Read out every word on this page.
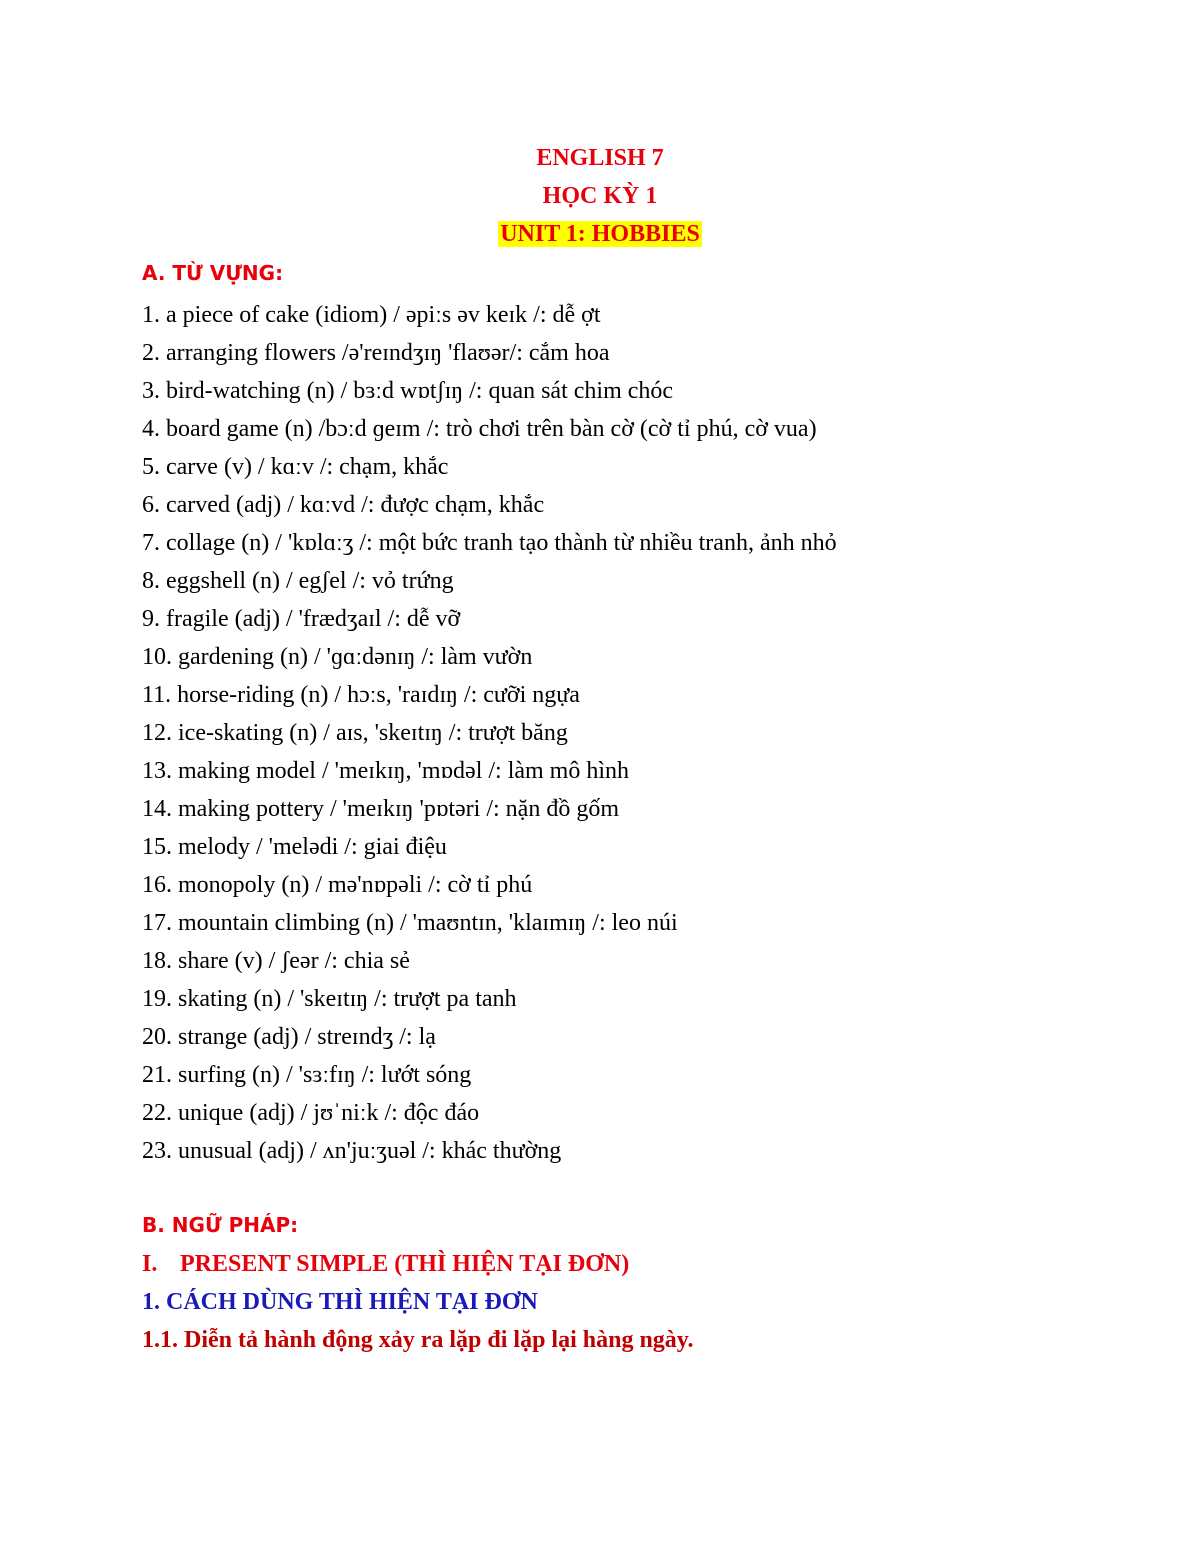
ENGLISH 7
HỌC KỲ 1
UNIT 1: HOBBIES
A. TỪ VỰNG:
1. a piece of cake (idiom) / əpiːs əv keɪk /: dễ ợt
2. arranging flowers /ə'reɪndʒɪŋ 'flaʊər/: cắm hoa
3. bird-watching (n) / bɜːd wɒtʃɪŋ /: quan sát chim chóc
4. board game (n) /bɔːd ɡeɪm /: trò chơi trên bàn cờ (cờ tỉ phú, cờ vua)
5. carve (v) / kɑːv /: chạm, khắc
6. carved (adj) / kɑːvd /: được chạm, khắc
7. collage (n) / 'kɒlɑːʒ /: một bức tranh tạo thành từ nhiều tranh, ảnh nhỏ
8. eggshell (n) / egʃel /: vỏ trứng
9. fragile (adj) / 'frædʒaɪl /: dễ vỡ
10. gardening (n) / 'ɡɑːdənɪŋ /: làm vườn
11. horse-riding (n) / hɔːs, 'raɪdɪŋ /: cưỡi ngựa
12. ice-skating (n) / aɪs, 'skeɪtɪŋ /: trượt băng
13. making model / 'meɪkɪŋ, 'mɒdəl /: làm mô hình
14. making pottery / 'meɪkɪŋ 'pɒtəri /: nặn đồ gốm
15. melody / 'melədi /: giai điệu
16. monopoly (n) / mə'nɒpəli /: cờ tỉ phú
17. mountain climbing (n) / 'maʊntɪn, 'klaɪmɪŋ /: leo núi
18. share (v) / ʃeər /: chia sẻ
19. skating (n) / 'skeɪtɪŋ /: trượt pa tanh
20. strange (adj) / streɪndʒ /: lạ
21. surfing (n) / 'sɜːfɪŋ /: lướt sóng
22. unique (adj) / jʊˈniːk /: độc đáo
23. unusual (adj) / ʌn'juːʒuəl /: khác thường
B. NGỮ PHÁP:
I. PRESENT SIMPLE (THÌ HIỆN TẠI ĐƠN)
1. CÁCH DÙNG THÌ HIỆN TẠI ĐƠN
1.1. Diễn tả hành động xảy ra lặp đi lặp lại hàng ngày.
